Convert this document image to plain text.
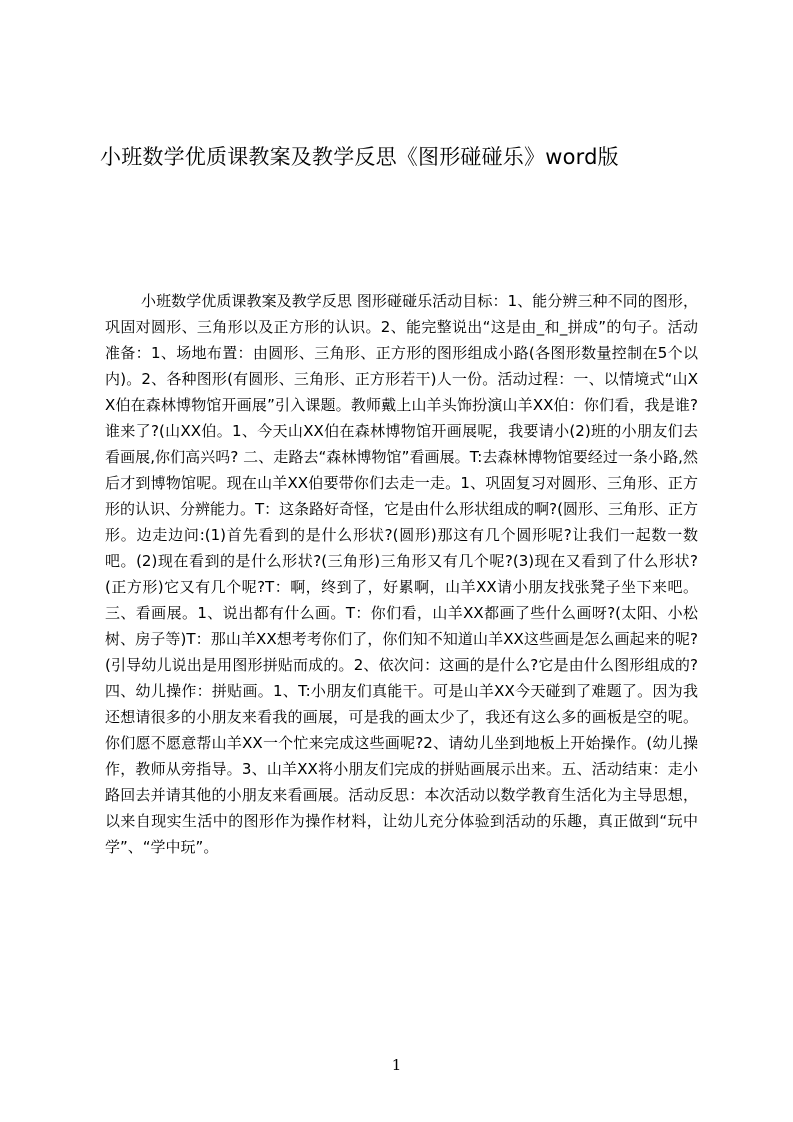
小班数学优质课教案及教学反思《图形碰碰乐》word版
小班数学优质课教案及教学反思 图形碰碰乐活动目标：1、能分辨三种不同的图形，巩固对圆形、三角形以及正方形的认识。2、能完整说出“这是由_和_拼成”的句子。活动准备：1、场地布置：由圆形、三角形、正方形的图形组成小路(各图形数量控制在5个以内)。2、各种图形(有圆形、三角形、正方形若干)人一份。活动过程：一、以情境式“山XX伯在森林博物馆开画展”引入课题。教师戴上山羊头饰扮演山羊XX伯：你们看，我是谁?谁来了?(山XX伯。1、今天山XX伯在森林博物馆开画展呢，我要请小(2)班的小朋友们去看画展,你们高兴吗? 二、走路去“森林博物馆”看画展。T:去森林博物馆要经过一条小路,然后才到博物馆呢。现在山羊XX伯要带你们去走一走。1、巩固复习对圆形、三角形、正方形的认识、分辨能力。T：这条路好奇怪，它是由什么形状组成的啊?(圆形、三角形、正方形。边走边问:(1)首先看到的是什么形状?(圆形)那这有几个圆形呢?让我们一起数一数吧。(2)现在看到的是什么形状?(三角形)三角形又有几个呢?(3)现在又看到了什么形状?(正方形)它又有几个呢?T：啊，终到了，好累啊，山羊XX请小朋友找张凳子坐下来吧。三、看画展。1、说出都有什么画。T：你们看，山羊XX都画了些什么画呀?(太阳、小松树、房子等)T：那山羊XX想考考你们了，你们知不知道山羊XX这些画是怎么画起来的呢?(引导幼儿说出是用图形拼贴而成的。2、依次问：这画的是什么?它是由什么图形组成的?四、幼儿操作：拼贴画。1、T:小朋友们真能干。可是山羊XX今天碰到了难题了。因为我还想请很多的小朋友来看我的画展，可是我的画太少了，我还有这么多的画板是空的呢。你们愿不愿意帮山羊XX一个忙来完成这些画呢?2、请幼儿坐到地板上开始操作。(幼儿操作，教师从旁指导。3、山羊XX将小朋友们完成的拼贴画展示出来。五、活动结束：走小路回去并请其他的小朋友来看画展。活动反思：本次活动以数学教育生活化为主导思想，以来自现实生活中的图形作为操作材料，让幼儿充分体验到活动的乐趣，真正做到“玩中学”、“学中玩”。
1
